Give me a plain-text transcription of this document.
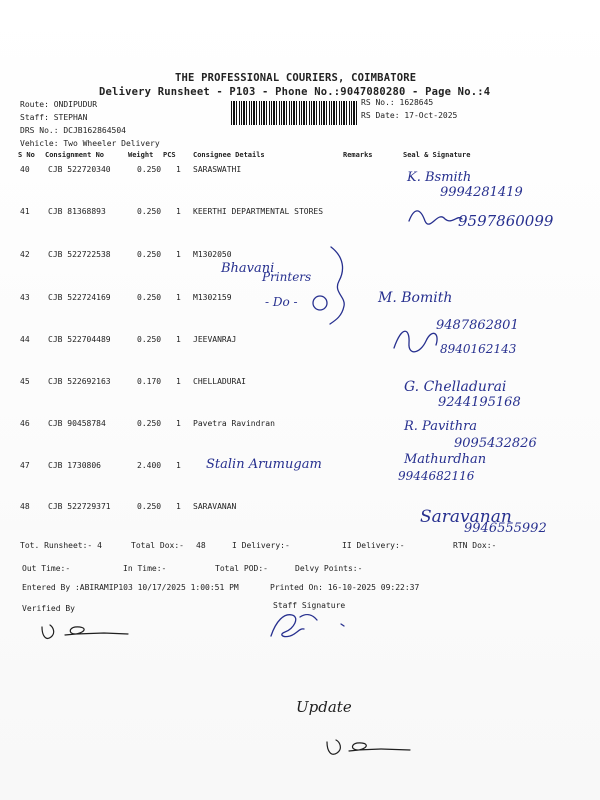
THE PROFESSIONAL COURIERS, COIMBATORE
Delivery Runsheet - P103 - Phone No.:9047080280 - Page No.:4
Route: ONDIPUDUR
Staff: STEPHAN
DRS No.: DCJB162864504
Vehicle: Two Wheeler Delivery
RS No.: 1628645
RS Date: 17-Oct-2025
S No Consignment No	Weight PCS Consignee Details	Remarks	Seal & Signature
40 CJB 522720340	0.250 1 SARASWATHI
41 CJB 81368893	0.250 1 KEERTHI DEPARTMENTAL STORES
42 CJB 522722538	0.250 1 M1302050
43 CJB 522724169	0.250 1 M1302159
44 CJB 522704489	0.250 1 JEEVANRAJ
45 CJB 522692163	0.170 1 CHELLADURAI
46 CJB 90458784	0.250 1 Pavetra Ravindran
47 CJB 1730806	2.400 1
48 CJB 522729371	0.250 1 SARAVANAN
Tot. Runsheet:- 4	Total Dox:- 48	I Delivery:-	II Delivery:-	RTN Dox:-
Out Time:-	In Time:-	Total POD:-	Delvy Points:-
Entered By :ABIRAMIP103 10/17/2025 1:00:51 PM	Printed On: 16-10-2025 09:22:37
Verified By	Staff Signature
K. Bsmith
9994281419
9597860099
Bhavani
Printers
- Do -	M. Bomith
9487862801
8940162143
G. Chelladurai
9244195168
R. Pavithra
9095432826
Stalin Arumugam	Mathurdhan
9944682116
Saravanan
9946555992
Update
